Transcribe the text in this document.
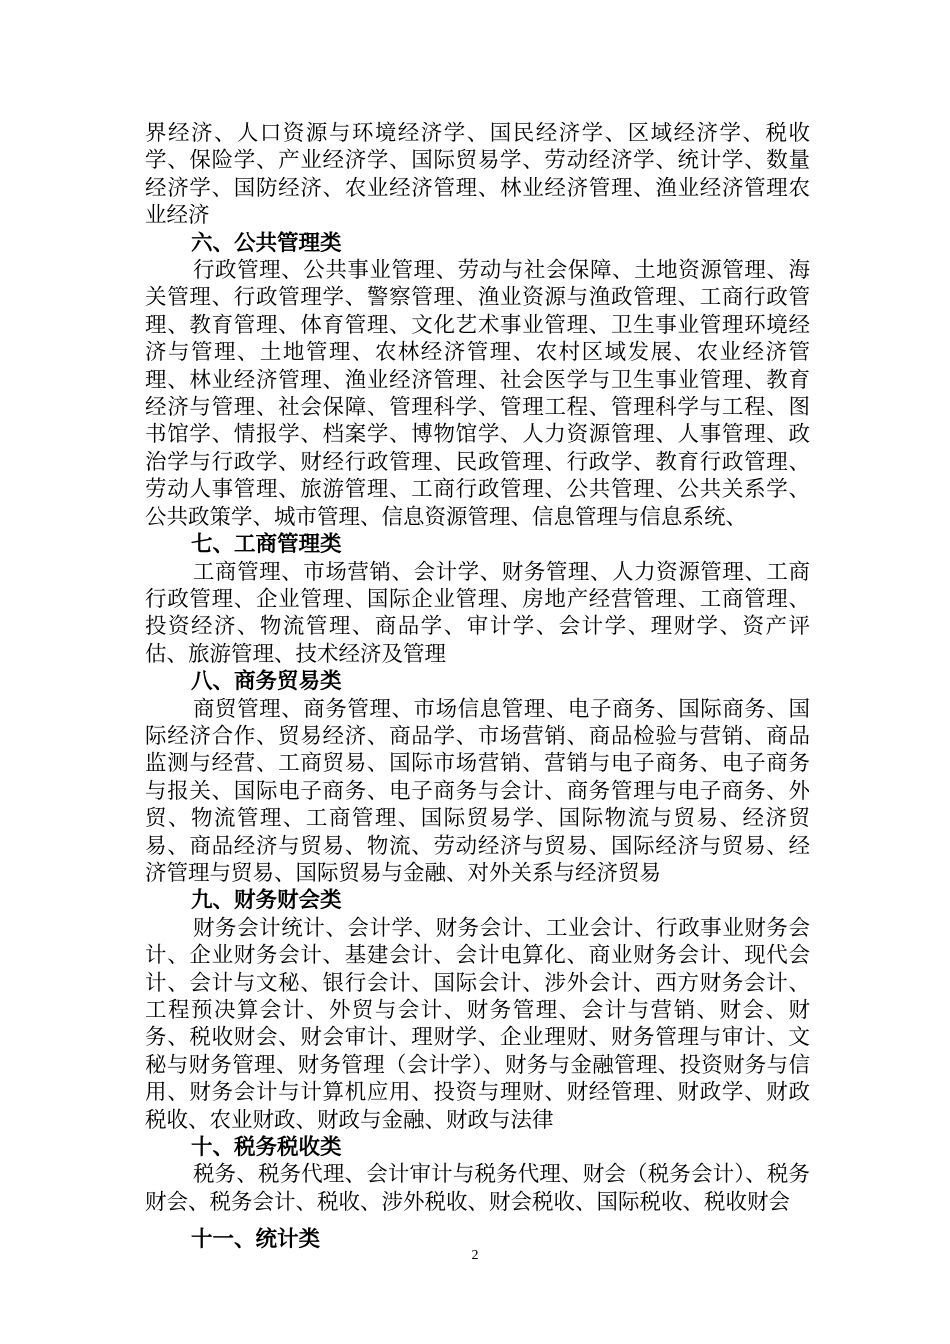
界经济、人口资源与环境经济学、国民经济学、区域经济学、税收学、保险学、产业经济学、国际贸易学、劳动经济学、统计学、数量经济学、国防经济、农业经济管理、林业经济管理、渔业经济管理农业经济

六、公共管理类

行政管理、公共事业管理、劳动与社会保障、土地资源管理、海关管理、行政管理学、警察管理、渔业资源与渔政管理、工商行政管理、教育管理、体育管理、文化艺术事业管理、卫生事业管理环境经济与管理、土地管理、农林经济管理、农村区域发展、农业经济管理、林业经济管理、渔业经济管理、社会医学与卫生事业管理、教育经济与管理、社会保障、管理科学、管理工程、管理科学与工程、图书馆学、情报学、档案学、博物馆学、人力资源管理、人事管理、政治学与行政学、财经行政管理、民政管理、行政学、教育行政管理、劳动人事管理、旅游管理、工商行政管理、公共管理、公共关系学、公共政策学、城市管理、信息资源管理、信息管理与信息系统、

七、工商管理类

工商管理、市场营销、会计学、财务管理、人力资源管理、工商行政管理、企业管理、国际企业管理、房地产经营管理、工商管理、投资经济、物流管理、商品学、审计学、会计学、理财学、资产评估、旅游管理、技术经济及管理

八、商务贸易类

商贸管理、商务管理、市场信息管理、电子商务、国际商务、国际经济合作、贸易经济、商品学、市场营销、商品检验与营销、商品监测与经营、工商贸易、国际市场营销、营销与电子商务、电子商务与报关、国际电子商务、电子商务与会计、商务管理与电子商务、外贸、物流管理、工商管理、国际贸易学、国际物流与贸易、经济贸易、商品经济与贸易、物流、劳动经济与贸易、国际经济与贸易、经济管理与贸易、国际贸易与金融、对外关系与经济贸易

九、财务财会类

财务会计统计、会计学、财务会计、工业会计、行政事业财务会计、企业财务会计、基建会计、会计电算化、商业财务会计、现代会计、会计与文秘、银行会计、国际会计、涉外会计、西方财务会计、工程预决算会计、外贸与会计、财务管理、会计与营销、财会、财务、税收财会、财会审计、理财学、企业理财、财务管理与审计、文秘与财务管理、财务管理（会计学）、财务与金融管理、投资财务与信用、财务会计与计算机应用、投资与理财、财经管理、财政学、财政税收、农业财政、财政与金融、财政与法律

十、税务税收类

税务、税务代理、会计审计与税务代理、财会（税务会计）、税务财会、税务会计、税收、涉外税收、财会税收、国际税收、税收财会

十一、统计类

2
